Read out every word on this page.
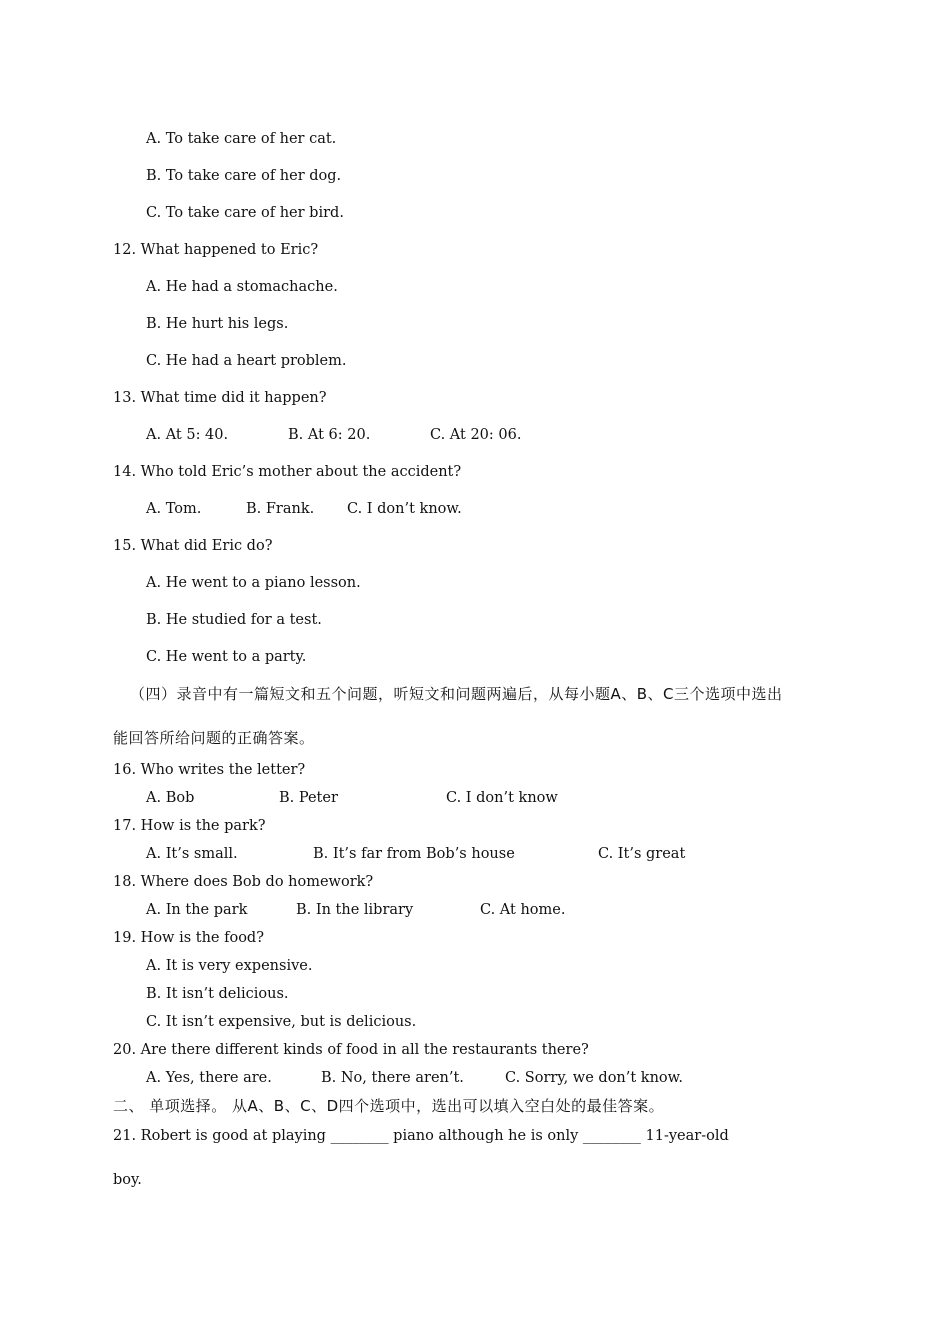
A. To take care of her cat.
B. To take care of her dog.
C. To take care of her bird.
12. What happened to Eric?
A. He had a stomachache.
B. He hurt his legs.
C. He had a heart problem.
13. What time did it happen?
A. At 5: 40.	B. At 6: 20.	C. At 20: 06.
14. Who told Eric’s mother about the accident?
A. Tom.	B. Frank. C. I don’t know.
15. What did Eric do?
A. He went to a piano lesson.
B. He studied for a test.
C. He went to a party.
（四）录音中有一篇短文和五个问题，听短文和问题两遍后，从每小题A、B、C三个选项中选出
能回答所给问题的正确答案。
16. Who writes the letter?
A. Bob	B. Peter	C. I don’t know
17. How is the park?
A. It’s small.	B. It’s far from Bob’s house	C. It’s great
18. Where does Bob do homework?
A. In the park	B. In the library	C. At home.
19. How is the food?
A. It is very expensive.
B. It isn’t delicious.
C. It isn’t expensive, but is delicious.
20. Are there different kinds of food in all the restaurants there?
A. Yes, there are.	B. No, there aren’t.	C. Sorry, we don’t know.
二、 单项选择。 从A、B、C、D四个选项中，选出可以填入空白处的最佳答案。
21. Robert is good at playing ________ piano although he is only ________ 11-year-old
boy.
